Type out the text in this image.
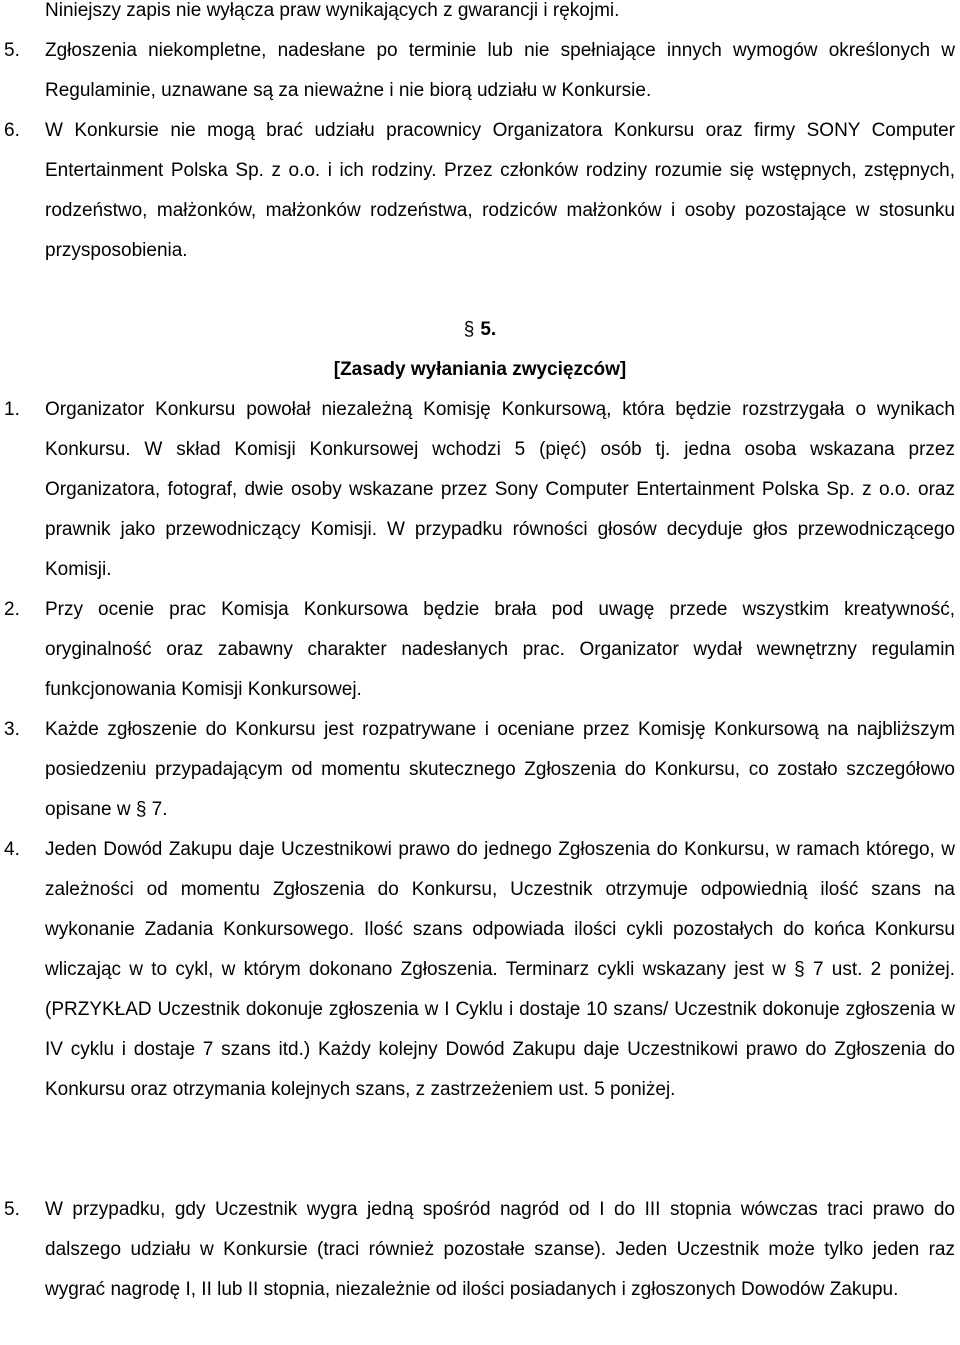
Niniejszy zapis nie wyłącza praw wynikających z gwarancji i rękojmi.
5. Zgłoszenia niekompletne, nadesłane po terminie lub nie spełniające innych wymogów określonych w Regulaminie, uznawane są za nieważne i nie biorą udziału w Konkursie.
6. W Konkursie nie mogą brać udziału pracownicy Organizatora Konkursu oraz firmy SONY Computer Entertainment Polska Sp. z o.o. i ich rodziny. Przez członków rodziny rozumie się wstępnych, zstępnych, rodzeństwo, małżonków, małżonków rodzeństwa, rodziców małżonków i osoby pozostające w stosunku przysposobienia.
§ 5.
[Zasady wyłaniania zwycięzców]
1. Organizator Konkursu powołał niezależną Komisję Konkursową, która będzie rozstrzygała o wynikach Konkursu. W skład Komisji Konkursowej wchodzi 5 (pięć) osób tj. jedna osoba wskazana przez Organizatora, fotograf, dwie osoby wskazane przez Sony Computer Entertainment Polska Sp. z o.o. oraz prawnik jako przewodniczący Komisji. W przypadku równości głosów decyduje głos przewodniczącego Komisji.
2. Przy ocenie prac Komisja Konkursowa będzie brała pod uwagę przede wszystkim kreatywność, oryginalność oraz zabawny charakter nadesłanych prac. Organizator wydał wewnętrzny regulamin funkcjonowania Komisji Konkursowej.
3. Każde zgłoszenie do Konkursu jest rozpatrywane i oceniane przez Komisję Konkursową na najbliższym posiedzeniu przypadającym od momentu skutecznego Zgłoszenia do Konkursu, co zostało szczegółowo opisane w § 7.
4. Jeden Dowód Zakupu daje Uczestnikowi prawo do jednego Zgłoszenia do Konkursu, w ramach którego, w zależności od momentu Zgłoszenia do Konkursu, Uczestnik otrzymuje odpowiednią ilość szans na wykonanie Zadania Konkursowego. Ilość szans odpowiada ilości cykli pozostałych do końca Konkursu wliczając w to cykl, w którym dokonano Zgłoszenia. Terminarz cykli wskazany jest w § 7 ust. 2 poniżej. (PRZYKŁAD Uczestnik dokonuje zgłoszenia w I Cyklu i dostaje 10 szans/ Uczestnik dokonuje zgłoszenia w IV cyklu i dostaje 7 szans itd.) Każdy kolejny Dowód Zakupu daje Uczestnikowi prawo do Zgłoszenia do Konkursu oraz otrzymania kolejnych szans, z zastrzeżeniem ust. 5 poniżej.
5. W przypadku, gdy Uczestnik wygra jedną spośród nagród od I do III stopnia wówczas traci prawo do dalszego udziału w Konkursie (traci również pozostałe szanse). Jeden Uczestnik może tylko jeden raz wygrać nagrodę I, II lub II stopnia, niezależnie od ilości posiadanych i zgłoszonych Dowodów Zakupu.
